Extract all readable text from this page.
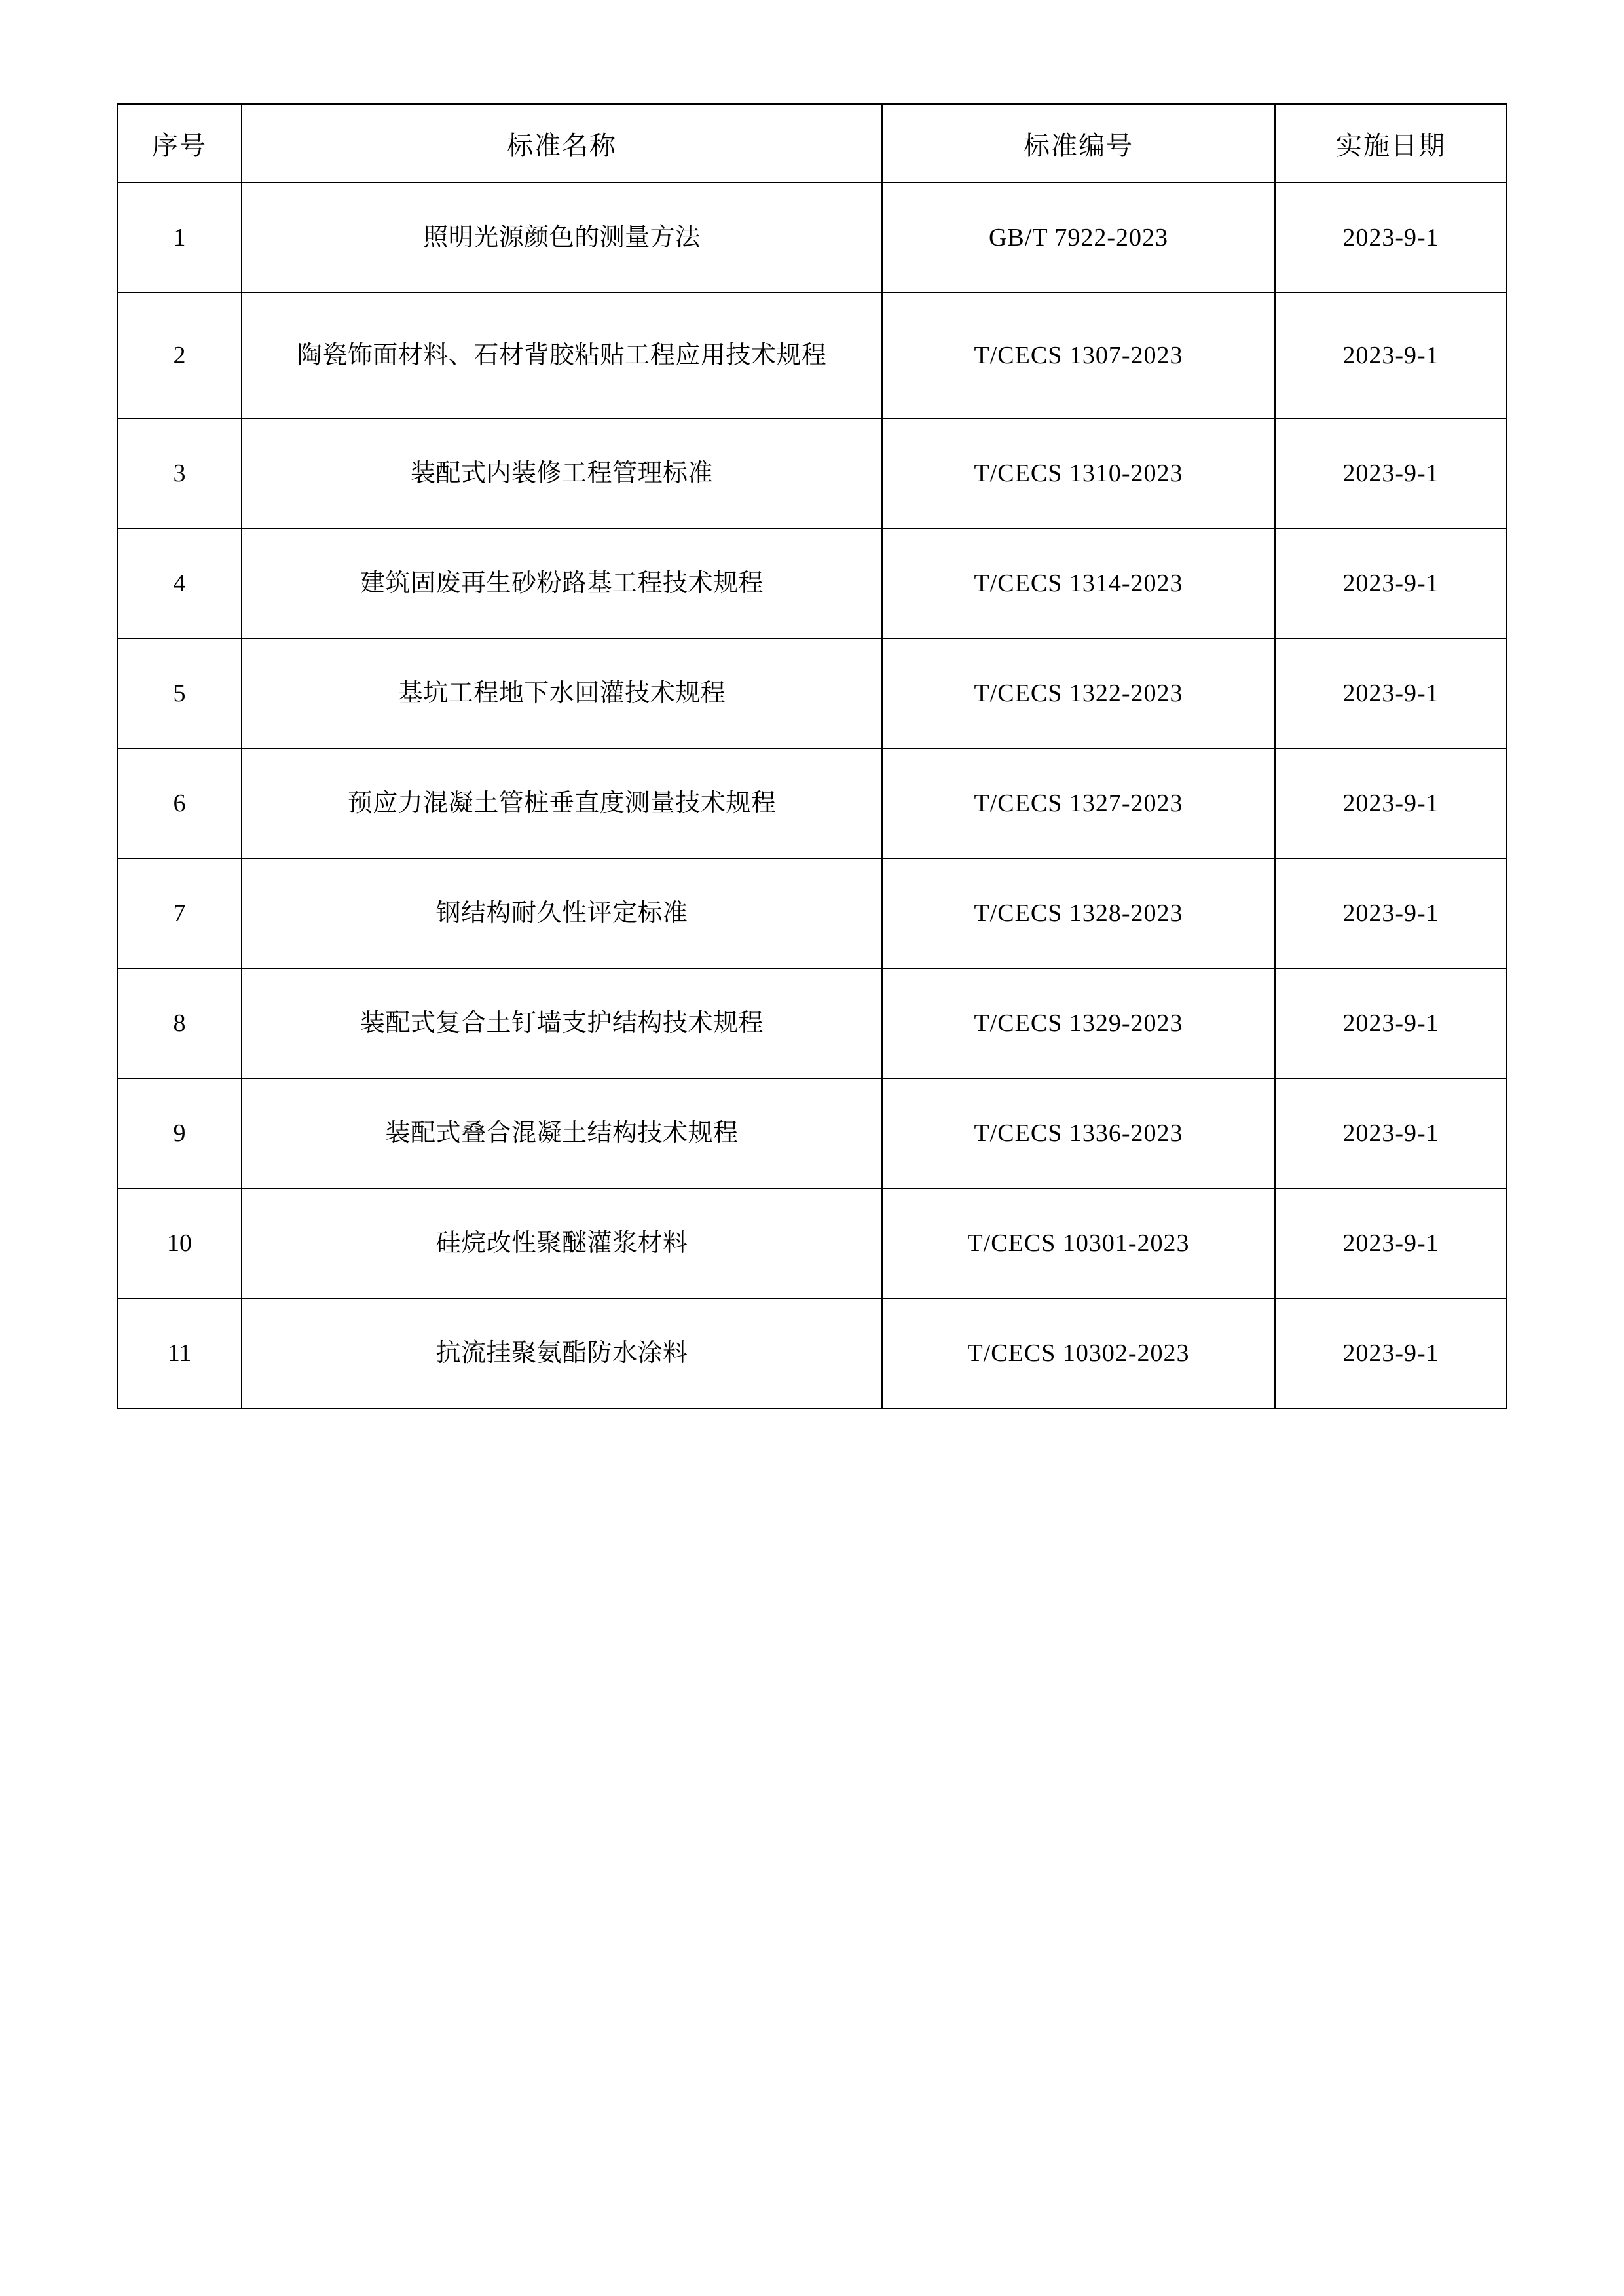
序号	标准名称	标准编号	实施日期
1	照明光源颜色的测量方法	GB/T 7922-2023	2023-9-1
2	陶瓷饰面材料、石材背胶粘贴工程应用技术规程	T/CECS 1307-2023	2023-9-1
3	装配式内装修工程管理标准	T/CECS 1310-2023	2023-9-1
4	建筑固废再生砂粉路基工程技术规程	T/CECS 1314-2023	2023-9-1
5	基坑工程地下水回灌技术规程	T/CECS 1322-2023	2023-9-1
6	预应力混凝土管桩垂直度测量技术规程	T/CECS 1327-2023	2023-9-1
7	钢结构耐久性评定标准	T/CECS 1328-2023	2023-9-1
8	装配式复合土钉墙支护结构技术规程	T/CECS 1329-2023	2023-9-1
9	装配式叠合混凝土结构技术规程	T/CECS 1336-2023	2023-9-1
10	硅烷改性聚醚灌浆材料	T/CECS 10301-2023	2023-9-1
11	抗流挂聚氨酯防水涂料	T/CECS 10302-2023	2023-9-1
